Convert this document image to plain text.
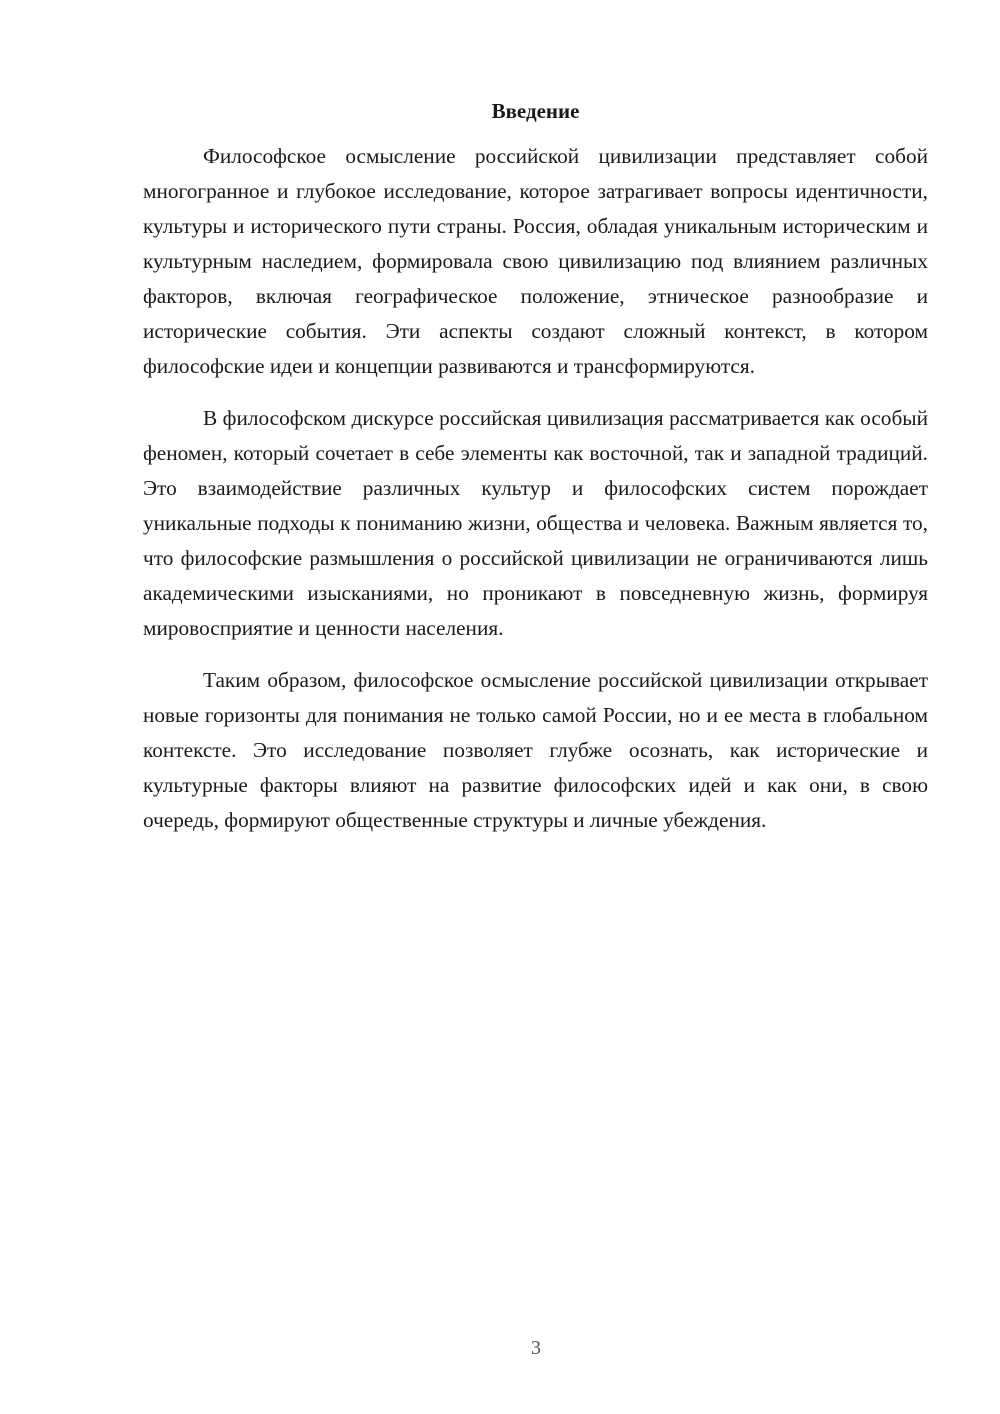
Введение

Философское осмысление российской цивилизации представляет собой многогранное и глубокое исследование, которое затрагивает вопросы идентичности, культуры и исторического пути страны. Россия, обладая уникальным историческим и культурным наследием, формировала свою цивилизацию под влиянием различных факторов, включая географическое положение, этническое разнообразие и исторические события. Эти аспекты создают сложный контекст, в котором философские идеи и концепции развиваются и трансформируются.

В философском дискурсе российская цивилизация рассматривается как особый феномен, который сочетает в себе элементы как восточной, так и западной традиций. Это взаимодействие различных культур и философских систем порождает уникальные подходы к пониманию жизни, общества и человека. Важным является то, что философские размышления о российской цивилизации не ограничиваются лишь академическими изысканиями, но проникают в повседневную жизнь, формируя мировосприятие и ценности населения.

Таким образом, философское осмысление российской цивилизации открывает новые горизонты для понимания не только самой России, но и ее места в глобальном контексте. Это исследование позволяет глубже осознать, как исторические и культурные факторы влияют на развитие философских идей и как они, в свою очередь, формируют общественные структуры и личные убеждения.

3
